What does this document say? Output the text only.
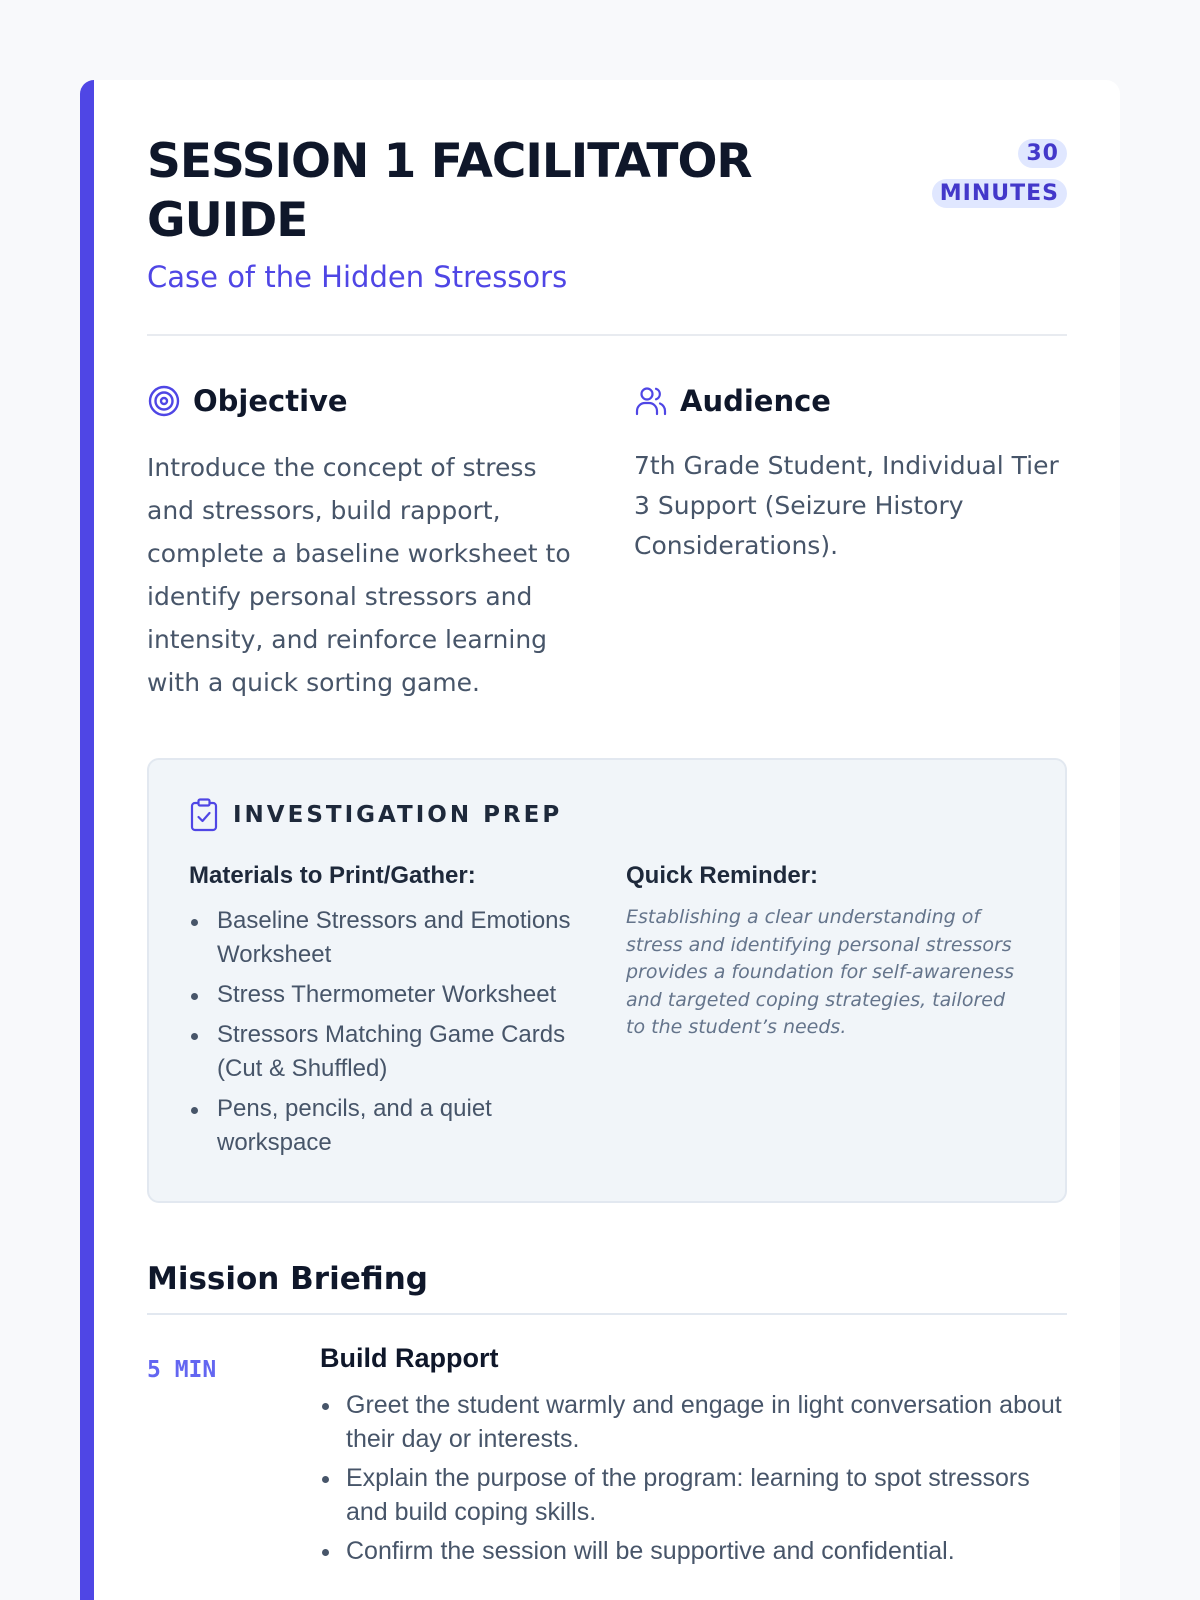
SESSION 1 FACILITATOR GUIDE
Case of the Hidden Stressors
30 MINUTES
Objective

Introduce the concept of stress and stressors, build rapport, complete a baseline worksheet to identify personal stressors and intensity, and reinforce learning with a quick sorting game.

Audience

7th Grade Student, Individual Tier 3 Support (Seizure History Considerations).

INVESTIGATION PREP
Materials to Print/Gather:
Baseline Stressors and Emotions Worksheet
Stress Thermometer Worksheet
Stressors Matching Game Cards (Cut & Shuffled)
Pens, pencils, and a quiet workspace
Quick Reminder:

Establishing a clear understanding of stress and identifying personal stressors provides a foundation for self-awareness and targeted coping strategies, tailored to the student’s needs.

Mission Briefing
5 MIN	Build Rapport
Greet the student warmly and engage in light conversation about their day or interests.
Explain the purpose of the program: learning to spot stressors and build coping skills.
Confirm the session will be supportive and confidential.
